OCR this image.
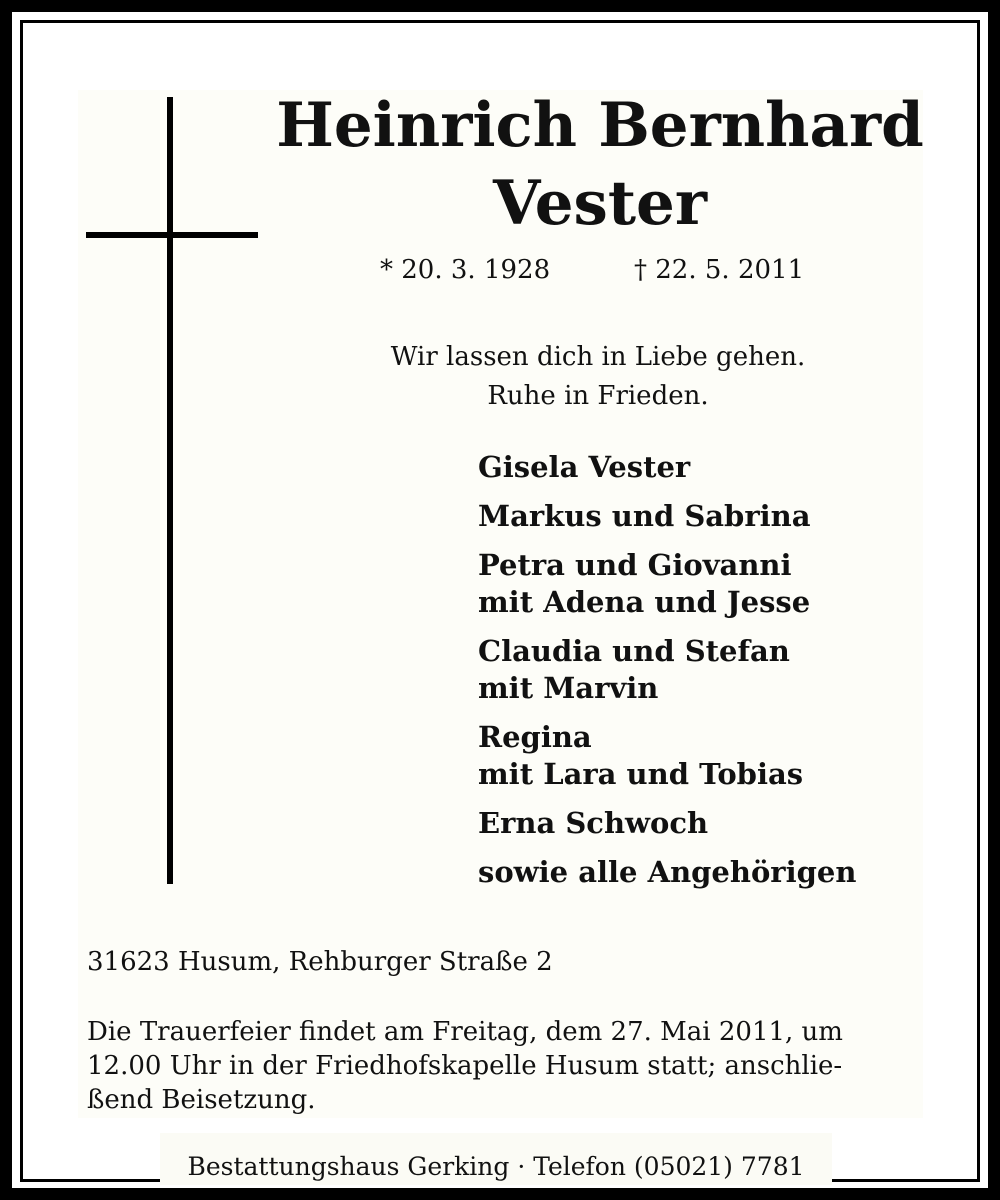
Heinrich Bernhard
Vester

* 20. 3. 1928	† 22. 5. 2011

Wir lassen dich in Liebe gehen.

Ruhe in Frieden.

Gisela Vester
Markus und Sabrina
Petra und Giovanni
mit Adena und Jesse
Claudia und Stefan
mit Marvin
Regina
mit Lara und Tobias
Erna Schwoch
sowie alle Angehörigen

31623 Husum, Rehburger Straße 2

Die Trauerfeier findet am Freitag, dem 27. Mai 2011, um
12.00 Uhr in der Friedhofskapelle Husum statt; anschlie-
ßend Beisetzung.

Bestattungshaus Gerking · Telefon (05021) 7781
